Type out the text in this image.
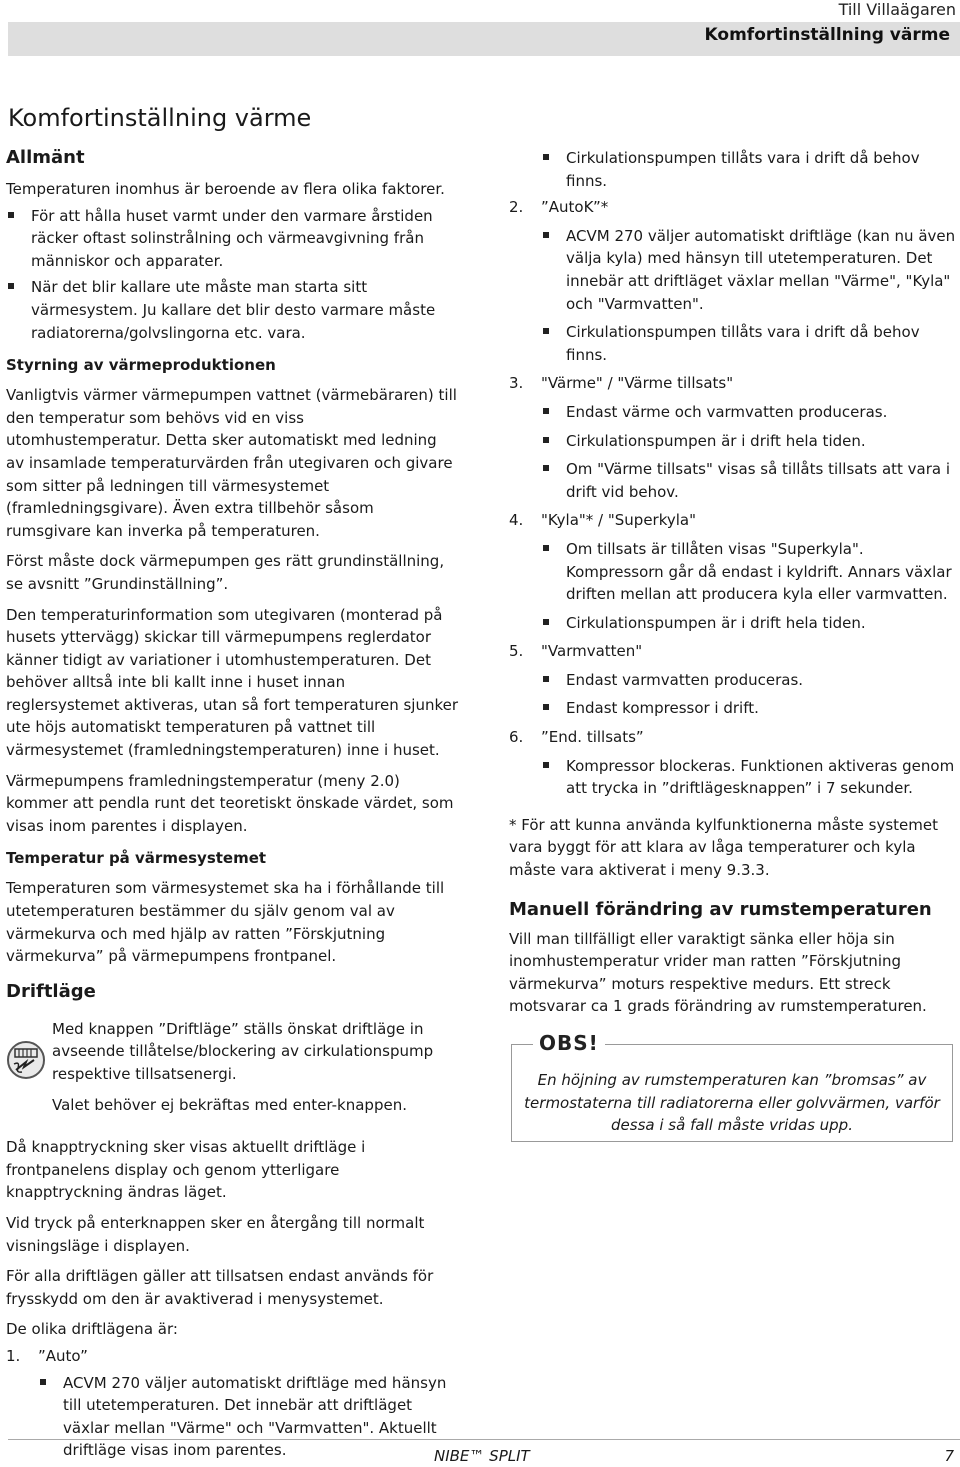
Till Villaägaren
Komfortinställning värme
Komfortinställning värme
Allmänt

Temperaturen inomhus är beroende av flera olika faktorer.

För att hålla huset varmt under den varmare årstiden räcker oftast solinstrålning och värmeavgivning från människor och apparater.
När det blir kallare ute måste man starta sitt värmesystem. Ju kallare det blir desto varmare måste radiatorerna/golvslingorna etc. vara.
Styrning av värmeproduktionen

Vanligtvis värmer värmepumpen vattnet (värmebäraren) till den temperatur som behövs vid en viss utomhustemperatur. Detta sker automatiskt med ledning av insamlade temperaturvärden från utegivaren och givare som sitter på ledningen till värmesystemet (framledningsgivare). Även extra tillbehör såsom rumsgivare kan inverka på temperaturen.

Först måste dock värmepumpen ges rätt grundinställning, se avsnitt ”Grundinställning”.

Den temperaturinformation som utegivaren (monterad på husets yttervägg) skickar till värmepumpens reglerdator känner tidigt av variationer i utomhustemperaturen. Det behöver alltså inte bli kallt inne i huset innan reglersystemet aktiveras, utan så fort temperaturen sjunker ute höjs automatiskt temperaturen på vattnet till värmesystemet (framledningstemperaturen) inne i huset.

Värmepumpens framledningstemperatur (meny 2.0) kommer att pendla runt det teoretiskt önskade värdet, som visas inom parentes i displayen.

Temperatur på värmesystemet

Temperaturen som värmesystemet ska ha i förhållande till utetemperaturen bestämmer du själv genom val av värmekurva och med hjälp av ratten ”Förskjutning värmekurva” på värmepumpens frontpanel.

Driftläge

Med knappen ”Driftläge” ställs önskat driftläge in avseende tillåtelse/blockering av cirkulationspump respektive tillsatsenergi.

Valet behöver ej bekräftas med enter-knappen.

Då knapptryckning sker visas aktuellt driftläge i frontpanelens display och genom ytterligare knapptryckning ändras läget.

Vid tryck på enterknappen sker en återgång till normalt visningsläge i displayen.

För alla driftlägen gäller att tillsatsen endast används för frysskydd om den är avaktiverad i menysystemet.

De olika driftlägena är:

1. ”Auto”
ACVM 270 väljer automatiskt driftläge med hänsyn till utetemperaturen. Det innebär att driftläget växlar mellan "Värme" och "Varmvatten". Aktuellt driftläge visas inom parentes.
Cirkulationspumpen tillåts vara i drift då behov finns.
2. ”AutoK”*
ACVM 270 väljer automatiskt driftläge (kan nu även välja kyla) med hänsyn till utetemperaturen. Det innebär att driftläget växlar mellan "Värme", "Kyla" och "Varmvatten".
Cirkulationspumpen tillåts vara i drift då behov finns.
3. "Värme" / "Värme tillsats"
Endast värme och varmvatten produceras.
Cirkulationspumpen är i drift hela tiden.
Om "Värme tillsats" visas så tillåts tillsats att vara i drift vid behov.
4. "Kyla"* / "Superkyla"
Om tillsats är tillåten visas "Superkyla". Kompressorn går då endast i kyldrift. Annars växlar driften mellan att producera kyla eller varmvatten.
Cirkulationspumpen är i drift hela tiden.
5. "Varmvatten"
Endast varmvatten produceras.
Endast kompressor i drift.
6. ”End. tillsats”
Kompressor blockeras. Funktionen aktiveras genom att trycka in ”driftlägesknappen” i 7 sekunder.

* För att kunna använda kylfunktionerna måste systemet vara byggt för att klara av låga temperaturer och kyla måste vara aktiverat i meny 9.3.3.

Manuell förändring av rumstemperaturen

Vill man tillfälligt eller varaktigt sänka eller höja sin inomhustemperatur vrider man ratten ”Förskjutning värmekurva” moturs respektive medurs. Ett streck motsvarar ca 1 grads förändring av rumstemperaturen.

En höjning av rumstemperaturen kan ”bromsas” av termostaterna till radiatorerna eller golvvärmen, varför dessa i så fall måste vridas upp.
OBS!
NIBE™ SPLIT	7
